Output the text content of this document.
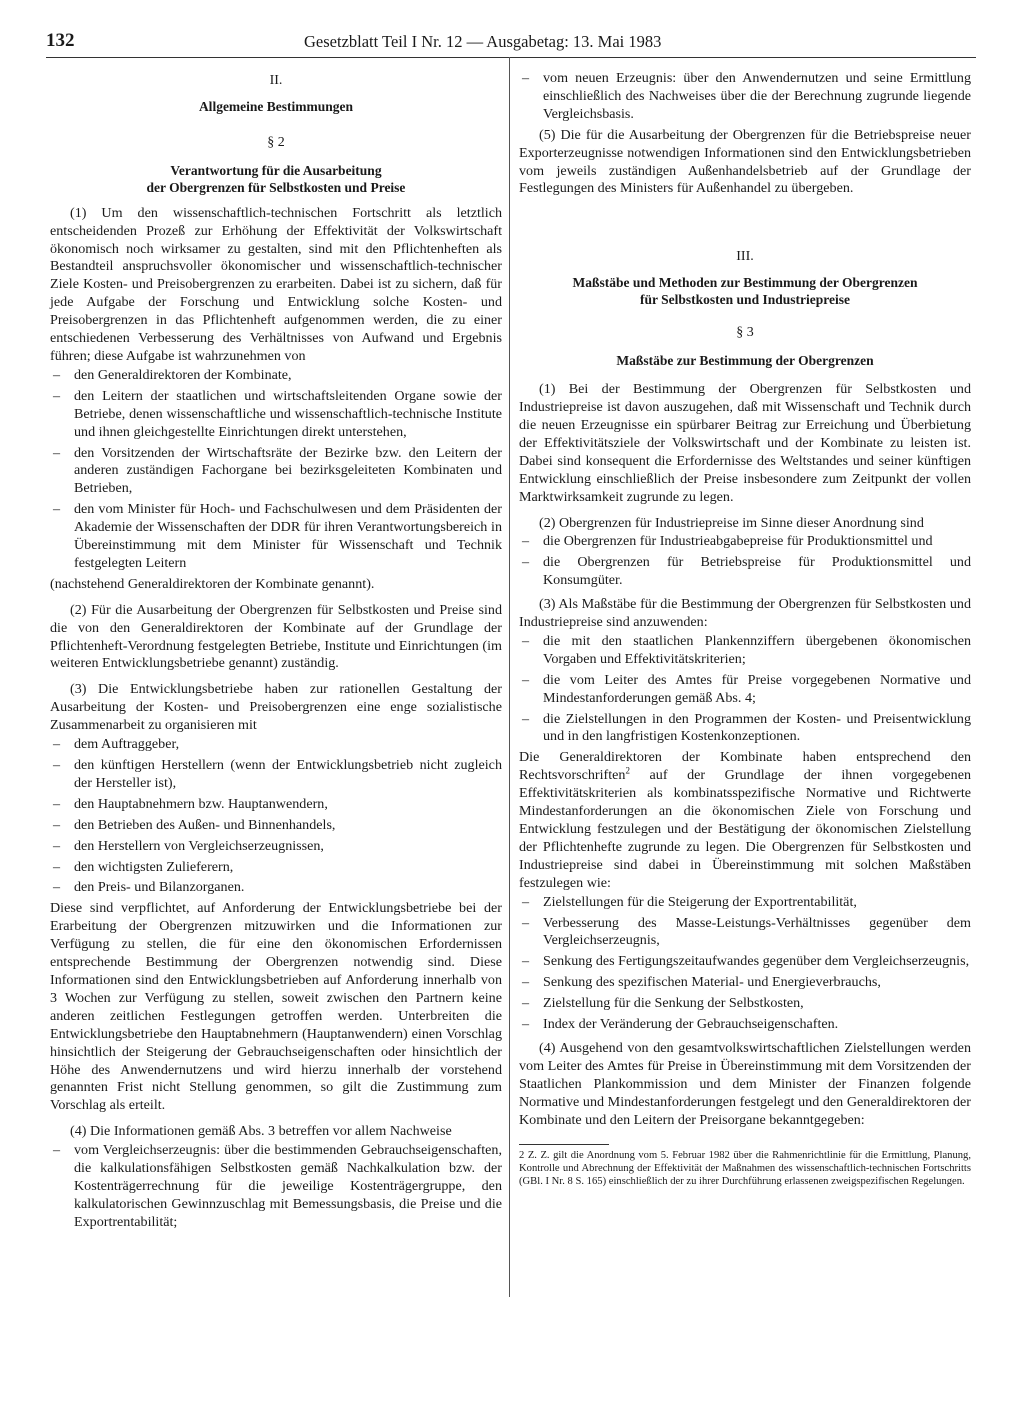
132	Gesetzblatt Teil I Nr. 12 — Ausgabetag: 13. Mai 1983
II.
Allgemeine Bestimmungen
§ 2
Verantwortung für die Ausarbeitung
der Obergrenzen für Selbstkosten und Preise

(1) Um den wissenschaftlich-technischen Fortschritt als letztlich entscheidenden Prozeß zur Erhöhung der Effektivität der Volkswirtschaft ökonomisch noch wirksamer zu gestalten, sind mit den Pflichtenheften als Bestandteil anspruchsvoller ökonomischer und wissenschaftlich-technischer Ziele Kosten- und Preisobergrenzen zu erarbeiten. Dabei ist zu sichern, daß für jede Aufgabe der Forschung und Entwicklung solche Kosten- und Preisobergrenzen in das Pflichtenheft aufgenommen werden, die zu einer entschiedenen Verbesserung des Verhältnisses von Aufwand und Ergebnis führen; diese Aufgabe ist wahrzunehmen von

– den Generaldirektoren der Kombinate,
– den Leitern der staatlichen und wirtschaftsleitenden Organe sowie der Betriebe, denen wissenschaftliche und wissenschaftlich-technische Institute und ihnen gleichgestellte Einrichtungen direkt unterstehen,
– den Vorsitzenden der Wirtschaftsräte der Bezirke bzw. den Leitern der anderen zuständigen Fachorgane bei bezirksgeleiteten Kombinaten und Betrieben,
– den vom Minister für Hoch- und Fachschulwesen und dem Präsidenten der Akademie der Wissenschaften der DDR für ihren Verantwortungsbereich in Übereinstimmung mit dem Minister für Wissenschaft und Technik festgelegten Leitern

(nachstehend Generaldirektoren der Kombinate genannt).

(2) Für die Ausarbeitung der Obergrenzen für Selbstkosten und Preise sind die von den Generaldirektoren der Kombinate auf der Grundlage der Pflichtenheft-Verordnung festgelegten Betriebe, Institute und Einrichtungen (im weiteren Entwicklungsbetriebe genannt) zuständig.

(3) Die Entwicklungsbetriebe haben zur rationellen Gestaltung der Ausarbeitung der Kosten- und Preisobergrenzen eine enge sozialistische Zusammenarbeit zu organisieren mit

– dem Auftraggeber,
– den künftigen Herstellern (wenn der Entwicklungsbetrieb nicht zugleich der Hersteller ist),
– den Hauptabnehmern bzw. Hauptanwendern,
– den Betrieben des Außen- und Binnenhandels,
– den Herstellern von Vergleichserzeugnissen,
– den wichtigsten Zulieferern,
– den Preis- und Bilanzorganen.

Diese sind verpflichtet, auf Anforderung der Entwicklungsbetriebe bei der Erarbeitung der Obergrenzen mitzuwirken und die Informationen zur Verfügung zu stellen, die für eine den ökonomischen Erfordernissen entsprechende Bestimmung der Obergrenzen notwendig sind. Diese Informationen sind den Entwicklungsbetrieben auf Anforderung innerhalb von 3 Wochen zur Verfügung zu stellen, soweit zwischen den Partnern keine anderen zeitlichen Festlegungen getroffen werden. Unterbreiten die Entwicklungsbetriebe den Hauptabnehmern (Hauptanwendern) einen Vorschlag hinsichtlich der Steigerung der Gebrauchseigenschaften oder hinsichtlich der Höhe des Anwendernutzens und wird hierzu innerhalb der vorstehend genannten Frist nicht Stellung genommen, so gilt die Zustimmung zum Vorschlag als erteilt.

(4) Die Informationen gemäß Abs. 3 betreffen vor allem Nachweise

– vom Vergleichserzeugnis: über die bestimmenden Gebrauchseigenschaften, die kalkulationsfähigen Selbstkosten gemäß Nachkalkulation bzw. der Kostenträgerrechnung für die jeweilige Kostenträgergruppe, den kalkulatorischen Gewinnzuschlag mit Bemessungsbasis, die Preise und die Exportrentabilität;
– vom neuen Erzeugnis: über den Anwendernutzen und seine Ermittlung einschließlich des Nachweises über die der Berechnung zugrunde liegende Vergleichsbasis.

(5) Die für die Ausarbeitung der Obergrenzen für die Betriebspreise neuer Exporterzeugnisse notwendigen Informationen sind den Entwicklungsbetrieben vom jeweils zuständigen Außenhandelsbetrieb auf der Grundlage der Festlegungen des Ministers für Außenhandel zu übergeben.

III.
Maßstäbe und Methoden zur Bestimmung der Obergrenzen
für Selbstkosten und Industriepreise
§ 3
Maßstäbe zur Bestimmung der Obergrenzen

(1) Bei der Bestimmung der Obergrenzen für Selbstkosten und Industriepreise ist davon auszugehen, daß mit Wissenschaft und Technik durch die neuen Erzeugnisse ein spürbarer Beitrag zur Erreichung und Überbietung der Effektivitätsziele der Volkswirtschaft und der Kombinate zu leisten ist. Dabei sind konsequent die Erfordernisse des Weltstandes und seiner künftigen Entwicklung einschließlich der Preise insbesondere zum Zeitpunkt der vollen Marktwirksamkeit zugrunde zu legen.

(2) Obergrenzen für Industriepreise im Sinne dieser Anordnung sind

– die Obergrenzen für Industrieabgabepreise für Produktionsmittel und
– die Obergrenzen für Betriebspreise für Produktionsmittel und Konsumgüter.

(3) Als Maßstäbe für die Bestimmung der Obergrenzen für Selbstkosten und Industriepreise sind anzuwenden:

– die mit den staatlichen Plankennziffern übergebenen ökonomischen Vorgaben und Effektivitätskriterien;
– die vom Leiter des Amtes für Preise vorgegebenen Normative und Mindestanforderungen gemäß Abs. 4;
– die Zielstellungen in den Programmen der Kosten- und Preisentwicklung und in den langfristigen Kostenkonzeptionen.

Die Generaldirektoren der Kombinate haben entsprechend den Rechtsvorschriften$^2$ auf der Grundlage der ihnen vorgegebenen Effektivitätskriterien als kombinatsspezifische Normative und Richtwerte Mindestanforderungen an die ökonomischen Ziele von Forschung und Entwicklung festzulegen und der Bestätigung der ökonomischen Zielstellung der Pflichtenhefte zugrunde zu legen. Die Obergrenzen für Selbstkosten und Industriepreise sind dabei in Übereinstimmung mit solchen Maßstäben festzulegen wie:

– Zielstellungen für die Steigerung der Exportrentabilität,
– Verbesserung des Masse-Leistungs-Verhältnisses gegenüber dem Vergleichserzeugnis,
– Senkung des Fertigungszeitaufwandes gegenüber dem Vergleichserzeugnis,
– Senkung des spezifischen Material- und Energieverbrauchs,
– Zielstellung für die Senkung der Selbstkosten,
– Index der Veränderung der Gebrauchseigenschaften.

(4) Ausgehend von den gesamtvolkswirtschaftlichen Zielstellungen werden vom Leiter des Amtes für Preise in Übereinstimmung mit dem Vorsitzenden der Staatlichen Plankommission und dem Minister der Finanzen folgende Normative und Mindestanforderungen festgelegt und den Generaldirektoren der Kombinate und den Leitern der Preisorgane bekanntgegeben:

2 Z. Z. gilt die Anordnung vom 5. Februar 1982 über die Rahmenrichtlinie für die Ermittlung, Planung, Kontrolle und Abrechnung der Effektivität der Maßnahmen des wissenschaftlich-technischen Fortschritts (GBl. I Nr. 8 S. 165) einschließlich der zu ihrer Durchführung erlassenen zweigspezifischen Regelungen.
